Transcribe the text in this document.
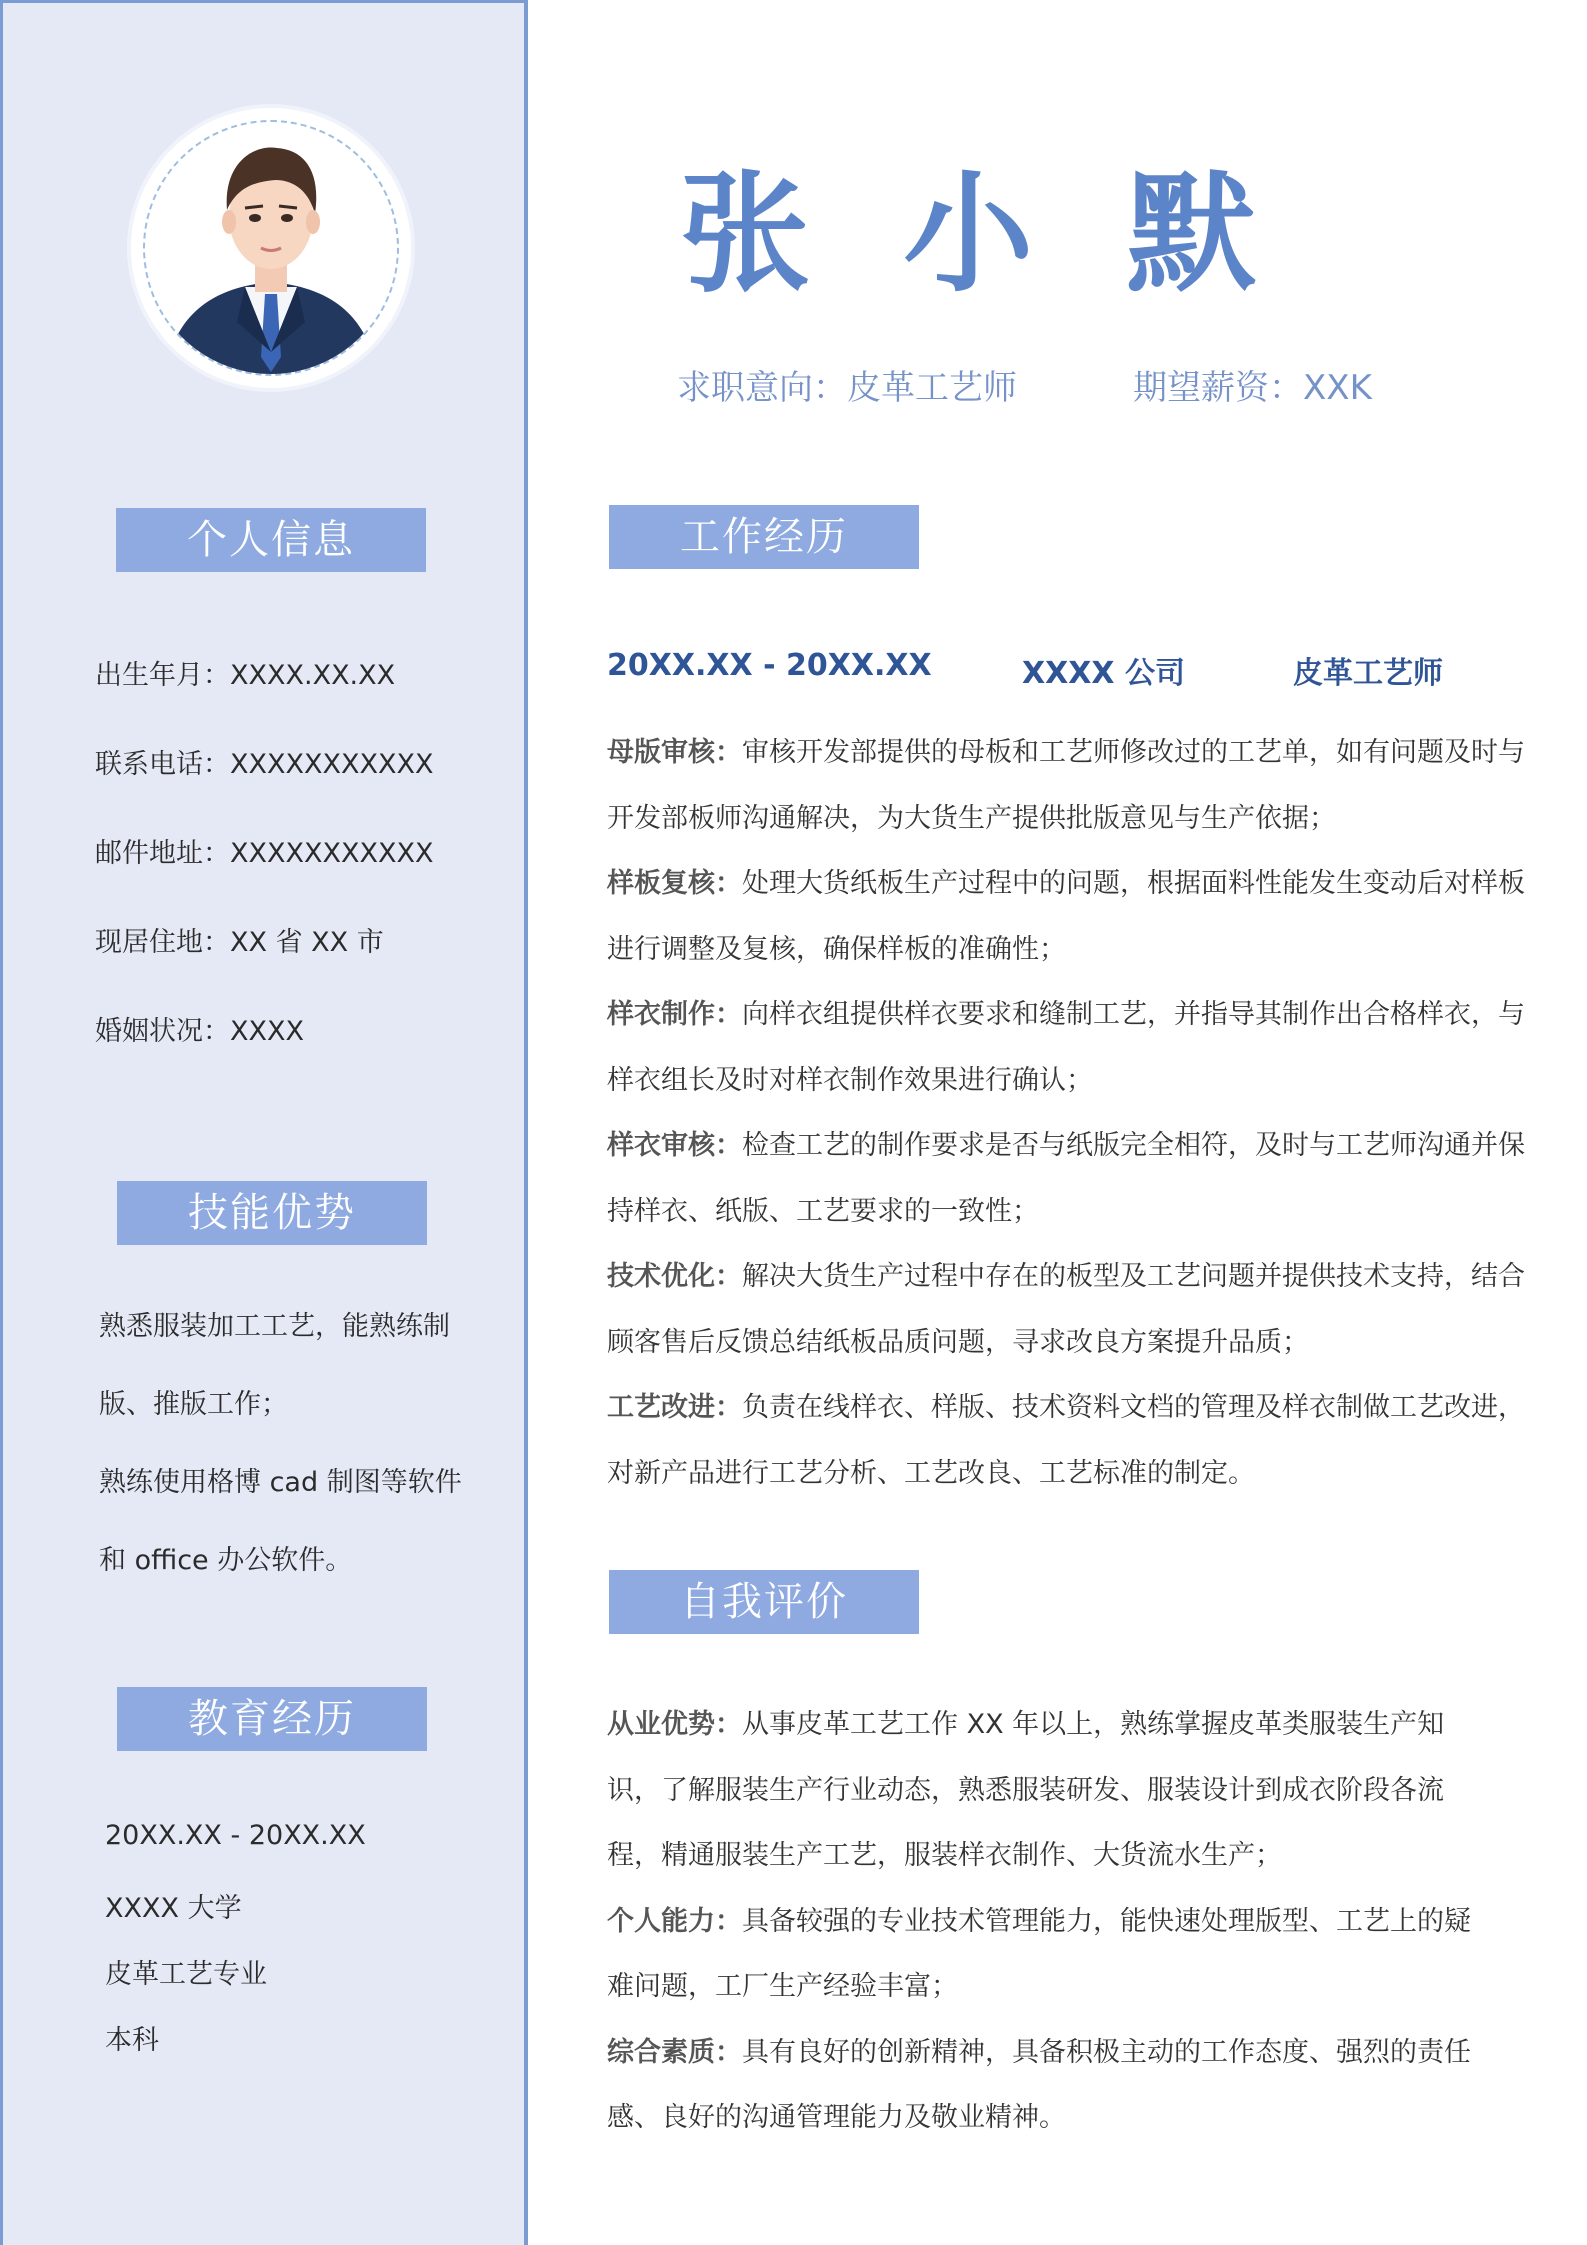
个人信息
出生年月：XXXX.XX.XX
联系电话：XXXXXXXXXXX
邮件地址：XXXXXXXXXXX
现居住地：XX 省 XX 市
婚姻状况：XXXX
技能优势
熟悉服装加工工艺，能熟练制
版、推版工作；
熟练使用格博 cad 制图等软件
和 office 办公软件。
教育经历
20XX.XX - 20XX.XX
XXXX 大学
皮革工艺专业
本科
张 小 默
求职意向：皮革工艺师	期望薪资：XXK
工作经历
20XX.XX - 20XX.XX	XXXX 公司	皮革工艺师
母版审核：审核开发部提供的母板和工艺师修改过的工艺单，如有问题及时与开发部板师沟通解决，为大货生产提供批版意见与生产依据；
样板复核：处理大货纸板生产过程中的问题，根据面料性能发生变动后对样板进行调整及复核，确保样板的准确性；
样衣制作：向样衣组提供样衣要求和缝制工艺，并指导其制作出合格样衣，与样衣组长及时对样衣制作效果进行确认；
样衣审核：检查工艺的制作要求是否与纸版完全相符，及时与工艺师沟通并保持样衣、纸版、工艺要求的一致性；
技术优化：解决大货生产过程中存在的板型及工艺问题并提供技术支持，结合顾客售后反馈总结纸板品质问题，寻求改良方案提升品质；
工艺改进：负责在线样衣、样版、技术资料文档的管理及样衣制做工艺改进，对新产品进行工艺分析、工艺改良、工艺标准的制定。
自我评价
从业优势：从事皮革工艺工作 XX 年以上，熟练掌握皮革类服装生产知识，了解服装生产行业动态，熟悉服装研发、服装设计到成衣阶段各流程，精通服装生产工艺，服装样衣制作、大货流水生产；
个人能力：具备较强的专业技术管理能力，能快速处理版型、工艺上的疑难问题，工厂生产经验丰富；
综合素质：具有良好的创新精神，具备积极主动的工作态度、强烈的责任感、良好的沟通管理能力及敬业精神。
